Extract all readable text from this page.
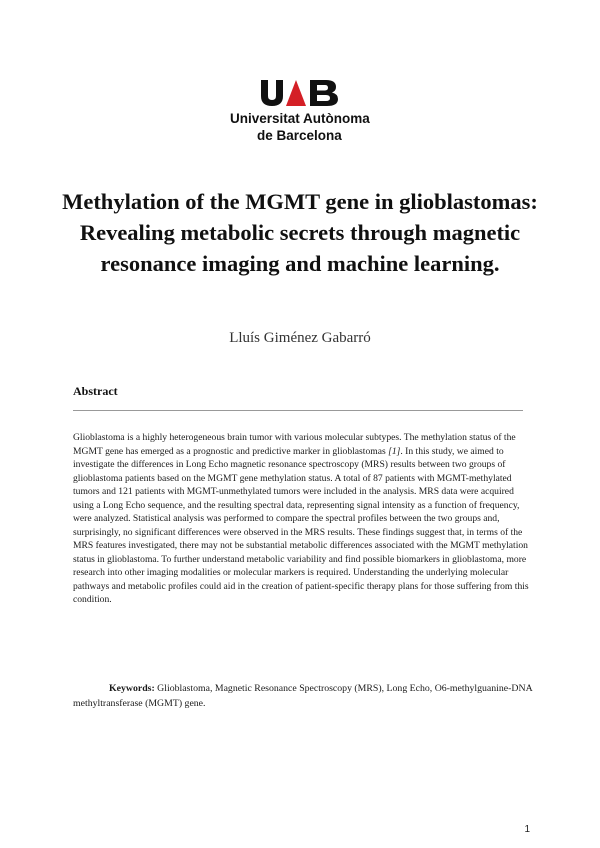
Universitat Autònoma
de Barcelona
Methylation of the MGMT gene in glioblastomas: Revealing metabolic secrets through magnetic resonance imaging and machine learning.
Lluís Giménez Gabarró
Abstract
Glioblastoma is a highly heterogeneous brain tumor with various molecular subtypes. The methylation status of the MGMT gene has emerged as a prognostic and predictive marker in glioblastomas [1]. In this study, we aimed to investigate the differences in Long Echo magnetic resonance spectroscopy (MRS) results between two groups of glioblastoma patients based on the MGMT gene methylation status. A total of 87 patients with MGMT-methylated tumors and 121 patients with MGMT-unmethylated tumors were included in the analysis. MRS data were acquired using a Long Echo sequence, and the resulting spectral data, representing signal intensity as a function of frequency, were analyzed. Statistical analysis was performed to compare the spectral profiles between the two groups and, surprisingly, no significant differences were observed in the MRS results. These findings suggest that, in terms of the MRS features investigated, there may not be substantial metabolic differences associated with the MGMT methylation status in glioblastoma. To further understand metabolic variability and find possible biomarkers in glioblastoma, more research into other imaging modalities or molecular markers is required. Understanding the underlying molecular pathways and metabolic profiles could aid in the creation of patient-specific therapy plans for those suffering from this condition.
Keywords: Glioblastoma, Magnetic Resonance Spectroscopy (MRS), Long Echo, O6-methylguanine-DNA methyltransferase (MGMT) gene.
1
